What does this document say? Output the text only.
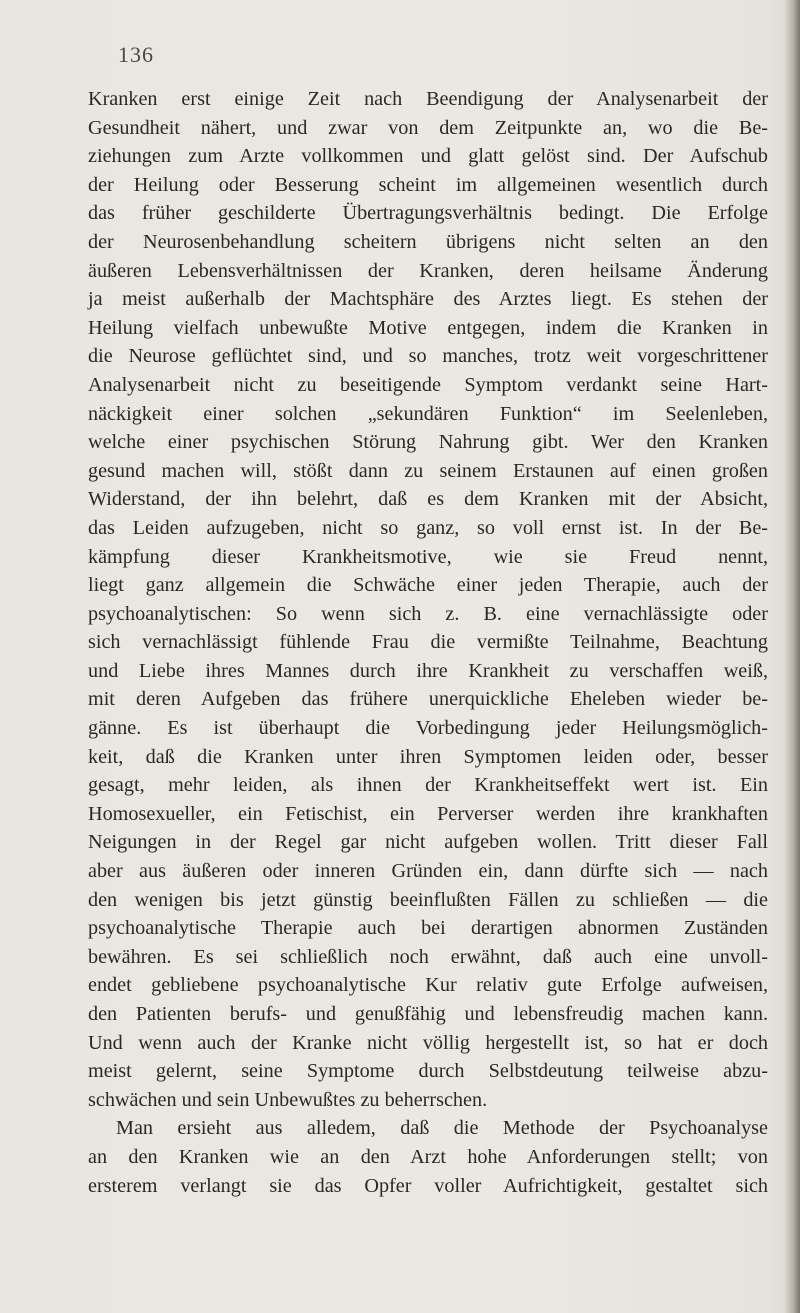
136
Kranken erst einige Zeit nach Beendigung der Analysenarbeit der
Gesundheit nähert, und zwar von dem Zeitpunkte an, wo die Be-
ziehungen zum Arzte vollkommen und glatt gelöst sind. Der Aufschub
der Heilung oder Besserung scheint im allgemeinen wesentlich durch
das früher geschilderte Übertragungsverhältnis bedingt. Die Erfolge
der Neurosenbehandlung scheitern übrigens nicht selten an den
äußeren Lebensverhältnissen der Kranken, deren heilsame Änderung
ja meist außerhalb der Machtsphäre des Arztes liegt. Es stehen der
Heilung vielfach unbewußte Motive entgegen, indem die Kranken in
die Neurose geflüchtet sind, und so manches, trotz weit vorgeschrittener
Analysenarbeit nicht zu beseitigende Symptom verdankt seine Hart-
näckigkeit einer solchen „sekundären Funktion“ im Seelenleben,
welche einer psychischen Störung Nahrung gibt. Wer den Kranken
gesund machen will, stößt dann zu seinem Erstaunen auf einen großen
Widerstand, der ihn belehrt, daß es dem Kranken mit der Absicht,
das Leiden aufzugeben, nicht so ganz, so voll ernst ist. In der Be-
kämpfung dieser Krankheitsmotive, wie sie Freud nennt,
liegt ganz allgemein die Schwäche einer jeden Therapie, auch der
psychoanalytischen: So wenn sich z. B. eine vernachlässigte oder
sich vernachlässigt fühlende Frau die vermißte Teilnahme, Beachtung
und Liebe ihres Mannes durch ihre Krankheit zu verschaffen weiß,
mit deren Aufgeben das frühere unerquickliche Eheleben wieder be-
gänne. Es ist überhaupt die Vorbedingung jeder Heilungsmöglich-
keit, daß die Kranken unter ihren Symptomen leiden oder, besser
gesagt, mehr leiden, als ihnen der Krankheitseffekt wert ist. Ein
Homosexueller, ein Fetischist, ein Perverser werden ihre krankhaften
Neigungen in der Regel gar nicht aufgeben wollen. Tritt dieser Fall
aber aus äußeren oder inneren Gründen ein, dann dürfte sich — nach
den wenigen bis jetzt günstig beeinflußten Fällen zu schließen — die
psychoanalytische Therapie auch bei derartigen abnormen Zuständen
bewähren. Es sei schließlich noch erwähnt, daß auch eine unvoll-
endet gebliebene psychoanalytische Kur relativ gute Erfolge aufweisen,
den Patienten berufs- und genußfähig und lebensfreudig machen kann.
Und wenn auch der Kranke nicht völlig hergestellt ist, so hat er doch
meist gelernt, seine Symptome durch Selbstdeutung teilweise abzu-
schwächen und sein Unbewußtes zu beherrschen.
Man ersieht aus alledem, daß die Methode der Psychoanalyse
an den Kranken wie an den Arzt hohe Anforderungen stellt; von
ersterem verlangt sie das Opfer voller Aufrichtigkeit, gestaltet sich
